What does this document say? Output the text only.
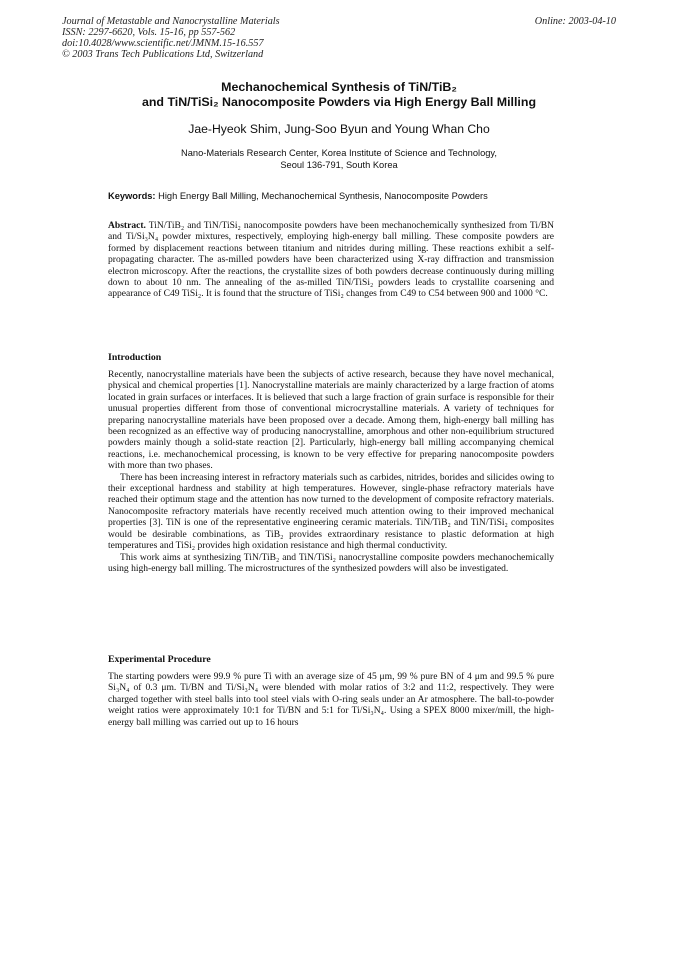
Journal of Metastable and Nanocrystalline Materials
ISSN: 2297-6620, Vols. 15-16, pp 557-562
doi:10.4028/www.scientific.net/JMNM.15-16.557
© 2003 Trans Tech Publications Ltd, Switzerland
Online: 2003-04-10
Mechanochemical Synthesis of TiN/TiB₂
and TiN/TiSi₂ Nanocomposite Powders via High Energy Ball Milling
Jae-Hyeok Shim, Jung-Soo Byun and Young Whan Cho
Nano-Materials Research Center, Korea Institute of Science and Technology,
Seoul 136-791, South Korea
Keywords: High Energy Ball Milling, Mechanochemical Synthesis, Nanocomposite Powders

Abstract. TiN/TiB₂ and TiN/TiSi₂ nanocomposite powders have been mechanochemically synthesized from Ti/BN and Ti/Si₃N₄ powder mixtures, respectively, employing high-energy ball milling. These composite powders are formed by displacement reactions between titanium and nitrides during milling. These reactions exhibit a self-propagating character. The as-milled powders have been characterized using X-ray diffraction and transmission electron microscopy. After the reactions, the crystallite sizes of both powders decrease continuously during milling down to about 10 nm. The annealing of the as-milled TiN/TiSi₂ powders leads to crystallite coarsening and appearance of C49 TiSi₂. It is found that the structure of TiSi₂ changes from C49 to C54 between 900 and 1000 °C.

Introduction

Recently, nanocrystalline materials have been the subjects of active research, because they have novel mechanical, physical and chemical properties [1]. Nanocrystalline materials are mainly characterized by a large fraction of atoms located in grain surfaces or interfaces. It is believed that such a large fraction of grain surface is responsible for their unusual properties different from those of conventional microcrystalline materials. A variety of techniques for preparing nanocrystalline materials have been proposed over a decade. Among them, high-energy ball milling has been recognized as an effective way of producing nanocrystalline, amorphous and other non-equilibrium structured powders mainly though a solid-state reaction [2]. Particularly, high-energy ball milling accompanying chemical reactions, i.e. mechanochemical processing, is known to be very effective for preparing nanocomposite powders with more than two phases.

There has been increasing interest in refractory materials such as carbides, nitrides, borides and silicides owing to their exceptional hardness and stability at high temperatures. However, single-phase refractory materials have reached their optimum stage and the attention has now turned to the development of composite refractory materials. Nanocomposite refractory materials have recently received much attention owing to their improved mechanical properties [3]. TiN is one of the representative engineering ceramic materials. TiN/TiB₂ and TiN/TiSi₂ composites would be desirable combinations, as TiB₂ provides extraordinary resistance to plastic deformation at high temperatures and TiSi₂ provides high oxidation resistance and high thermal conductivity.

This work aims at synthesizing TiN/TiB₂ and TiN/TiSi₂ nanocrystalline composite powders mechanochemically using high-energy ball milling. The microstructures of the synthesized powders will also be investigated.

Experimental Procedure

The starting powders were 99.9 % pure Ti with an average size of 45 μm, 99 % pure BN of 4 μm and 99.5 % pure Si₃N₄ of 0.3 μm. Ti/BN and Ti/Si₃N₄ were blended with molar ratios of 3:2 and 11:2, respectively. They were charged together with steel balls into tool steel vials with O-ring seals under an Ar atmosphere. The ball-to-powder weight ratios were approximately 10:1 for Ti/BN and 5:1 for Ti/Si₃N₄. Using a SPEX 8000 mixer/mill, the high-energy ball milling was carried out up to 16 hours
